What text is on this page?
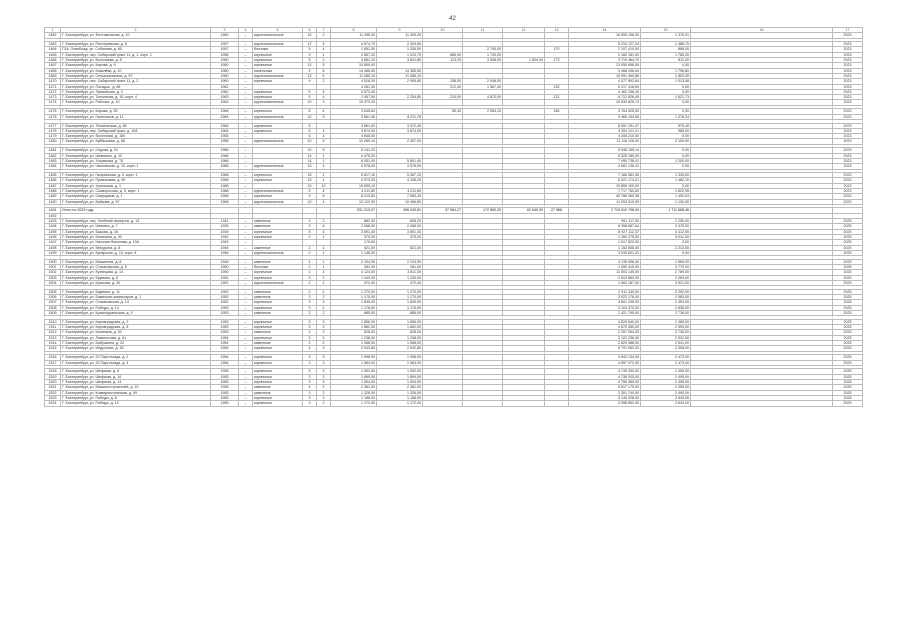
42
1	2	3	4	5	6	7	8	9	10	11	12	13	14	15	16	17
1462	Г. Екатеринбург, ул. Фестивальная, д. 10	1962	–	крупнопанельные	15	2	11 395,20	11 395,20					16 595 196,00	1 376,91		2023

1463	Г. Екатеринбург, ул. Пестеревская, д. 8	1957	–	крупнопанельные	12	4	4 874,70	2 404,60					5 210 127,24	1 486,75		2023
1464	Г.Ек. Освобожд. ул. Собинова, д. 60	1957	–	блочные	5	4	1 851,50	1 255,50		2 745,00		170	2 107 410,00	868,00		2023
1465	Г. Екатеринбург, пер. Сибирский тракт 11, д. 1, корп. 1	1958	–	кирпичные	9	1	2 857,20	1 510,70	685,00	1 740,00			2 182 181,00	1 765,20		2023
1466	Г. Екатеринбург, ул. Волочаева, д. 8	1960	–	кирпичные	5	2	4 681,10	3 841,80	113,20	3 098,00	1 824,00	173	3 719 464,70	811,00		2023
1467	Г. Екатеринбург, ул. Кирова, д. 9	1960	–	кирпичные	12	5	10 809,00						13 050 698,00	0,00		2023
1468	Г. Екатеринбург, ул. Ковалёва, д. 10	1960	–	панельные	9	6	14 385,50	14 385,50					3 468 196,64	1 796,80		2023
1469	Г. Екатеринбург, ул. Селькорковская, д. 57	1960	–	крупнопанельные	12	6	11 085,10	11 085,10					19 991 460,86	1 803,39		2023
1470	Г. Екатеринбург, пер. Сибирский тракт 11, д. 2	1960	–	кирпичные	9	2	4 516,30	2 955,80	158,00	2 048,00			4 077 892,64	1 013,08		2023
1471	Г. Екатеринбург, ул. Посадск., д. 68	1962	–				4 261,30		212,40	1 567,40		132	6 217 418,60	0,00		2023
1472	Г. Екатеринбург, ул. Латвийская, д. 3	1962	–	кирпичные	5	4	3 573,40						4 462 198,40	0,00		2023
1473	Г. Екатеринбург, ул. Тополиная, д. 15, корп. 4	1963	–	кирпичные	5	4	2 957,50	2 254,80	210,00	4 870,00		121	6 712 826,49	1 821,73		2023
1474	Г. Екатеринбург, ул. Рабочих, д. 10	1964	–	крупнопанельные	10	3	19 373,30						19 539 826,74	0,00		2023

1475	Г. Екатеринбург, ул. Кирова, д. 28	1964	–	кирпичные	5	4	3 645,64		55,40	2 554,10		164	3 764 525,00	0,00		2023
1476	Г. Екатеринбург, ул. Газетчиков, д. 11	1964	–	крупнопанельные	10	5	3 661,96	8 211,78					9 466 194,06	1 078,24		2023

1477	Г. Екатеринбург, ул. Техническая, д. 58	1964	–	кирпичные	5		3 661,00	3 072,40					8 051 191,37	975,40		2023
1478	Г. Екатеринбург, пер. Сибирский тракт, д. 10А	1964	–	кирпичные	5	4	3 674,00	3 674,00					4 354 121,21	985,00		2023
1479	Г. Екатеринбург, ул. Восточная, д. 160	1965	–		6	4	4 845,00						4 458 210,00	0,00		2023
1480	Г. Екатеринбург, ул. Куйбышева, д. 88	1965	–	крупнопанельные	10	5	10 269,10	2 457,00					11 116 128,00	2 100,00		2023

1481	Г. Екатеринбург, ул. Седова, д. 51	1966	–		10	5	5 141,20						5 948 159,14	0,00		2023
1482	Г. Екатеринбург, ул. Шевченко, д. 12	1966	–		14	1	4 475,20						5 525 180,29	0,00		2023
1483	Г. Екатеринбург, ул. Хохрякова, д. 74	1966	–		14	1	6 051,00	5 891,40					7 495 738,41	1 200,00		2023
1484	Г. Екатеринбург, ул. Чкаловская, д. 10, корп. 1	1968	–	крупнопанельные	10	2	4 578,00	4 578,00					4 681 136,41	0,00		2023

1485	Г. Екатеринбург, ул. Гагаринская, д. 5, корп. 1	1968	–	кирпичные	15	1	5 817,10	5 367,10					7 166 561,06	1 335,00		2023
1486	Г. Екатеринбург, ул. Приисковая, д. 50	1968	–	кирпичные	15	1	4 573,00	4 158,20					6 021 174,21	1 482,10		2023
1487	Г. Екатеринбург, ул. Уральская, д. 1	1968	–		10	10	19 855,10						19 855 100,00	0,00		2023
1488	Г. Екатеринбург, ул. Скоморохова, д. 5, корп. 1	1968	–	крупнопанельные	9	4	4 211,80	4 211,80					7 717 760,83	1 822,95		2023
1489	Г. Екатеринбург, ул. Сварщиков, д. 1	1968	–	кирпичные	9	6	8 010,80	7 665,40					40 788 969,38	1 400,04		2023
1490	Г. Екатеринбург, ул. Войкова, д. 57	1968	–	крупнопанельные	10	4	10 122,90	10 066,80					11 053 510,00	1 100,00		2023

1491	Итого по 2023 году						531 210,07	396 443,81	37 564,27	172 560,20	62 640,00	27 568	2 710 610 798,49	1 711 688,46		
1492																
1493	Г. Екатеринбург, пер. Хлебный переулок, д. 13	1911	–	каменные	3	2	682,00	608,20					951 117,00	2 250,00		2025
1494	Г. Екатеринбург, ул. Шпагата, д. 7	1935	–	каменные	3	6	2 068,00	2 068,00					6 398 667,64	3 376,00		2025
1495	Г. Екатеринбург, ул. Быкова, д. 16	1939	–	кирпичные	5	4	3 891,40	3 891,40					8 927 112,37	3 412,00		2025
1496	Г. Екатеринбург, ул. Калинина, д. 40	1942	–	кирпичные	2	1	370,00	370,00					1 260 275,00	5 011,00		2025
1497	Г. Екатеринбург, ул. Николая Никонова, д. 10А	1943	–				170,60						1 017 820,00	0,00		2025
1498	Г. Екатеринбург, ул. Мичурина, д. 8	1945	–	каменные	2	1	521,00	521,00					1 152 845,00	2 213,00		2025
1499	Г. Екатеринбург, ул. Кунарская, д. 10, корп. 8	1946	–	крупнопанельные	2	1	1 146,00						3 039 821,31	0,00		2025

1500	Г. Екатеринбург, ул. Машинная, д. 8	1948	–	каменные	4	1	2 104,90	2 104,90					4 135 996,00	1 965,00		2025
1501	Г. Екатеринбург, ул. Стахановская, д. 5	1950	–	блочные	2	1	281,00	281,00					1 059 415,00	3 770,00		2025
1502	Г. Екатеринбург, ул. Кузнецова, д. 14	1950	–	кирпичные	2	4	4 124,00	3 811,30					11 503 145,00	2 789,00		2025
1503	Г. Екатеринбург, ул. Баумана, д. 6	1951	–	кирпичные	3	2	1 240,00	1 240,00					2 813 860,00	2 269,00		2025
1504	Г. Екатеринбург, ул. Крылова, д. 30	1951	–	крупнопанельные	2	1	472,40	472,40					1 663 187,00	3 521,00		2025

1505	Г. Екатеринбург, ул. Баумана, д. 11	1952	–	каменные	2	2	1 270,00	1 270,00					2 911 340,00	2 292,00		2025
1506	Г. Екатеринбург, ул. Бакинских комиссаров, д. 1	1952	–	каменные	3	2	1 170,00	1 170,00					3 022 176,00	2 583,00		2025
1507	Г. Екатеринбург, ул. Стахановская, д. 14	1952	–	кирпичные	3	3	1 845,00	1 845,00					4 601 295,00	2 494,00		2025
1508	Г. Екатеринбург, ул. Победы, д. 14	1953	–	кирпичные	3	2	1 176,60	1 176,60					3 104 373,00	2 638,00		2025
1509	Г. Екатеринбург, ул. Красноуральская, д. 9	1953	–	каменные	2	2	885,00	885,00					2 421 795,00	2 736,00		2025

1510	Г. Екатеринбург, ул. Кировградская, д. 2	1953	–	кирпичные	3	3	1 856,00	1 856,00					4 620 640,00	2 489,00		2025
1511	Г. Екатеринбург, ул. Кировградская, д. 8	1953	–	кирпичные	3	3	1 862,00	1 862,00					4 672 450,00	2 509,00		2025
1512	Г. Екатеринбург, ул. Калинина, д. 52	1953	–	каменные	2	2	828,00	828,00					2 267 064,00	2 738,00		2025
1513	Г. Екатеринбург, ул. Ломоносова, д. 61	1954	–	кирпичные	3	2	1 238,00	1 238,00					3 122 236,00	2 522,00		2025
1514	Г. Екатеринбург, ул. Бабушкина, д. 22	1954	–	каменные	2	2	1 068,00	1 068,00					2 820 588,00	2 641,00		2025
1515	Г. Екатеринбург, ул. Индустрии, д. 35	1954	–	кирпичные	4	3	2 942,80	2 942,80					6 791 982,00	2 308,00		2025

1516	Г. Екатеринбург, ул. 22 Партсъезда, д. 2	1954	–	кирпичные	3	3	1 958,00	1 958,00					4 842 134,00	2 473,00		2025
1517	Г. Екатеринбург, ул. 22 Партсъезда, д. 4	1954	–	кирпичные	3	3	1 964,00	1 964,00					4 857 072,00	2 473,00		2025

1518	Г. Екатеринбург, ул. Шефская, д. 6	1955	–	кирпичные	3	3	1 902,00	1 902,00					4 745 490,00	2 495,00		2025
1519	Г. Екатеринбург, ул. Шефская, д. 10	1955	–	кирпичные	3	3	1 899,00	1 899,00					4 738 005,00	2 495,00		2025
1520	Г. Екатеринбург, ул. Шефская, д. 14	1955	–	кирпичные	3	3	1 904,00	1 904,00					4 750 480,00	2 495,00		2025
1521	Г. Екатеринбург, ул. Машиностроителей, д. 22	1955	–	каменные	4	2	2 381,00	2 381,00					5 617 179,00	2 359,00		2025
1522	Г. Екатеринбург, ул. Коммунистическая, д. 59	1955	–	каменные	3	2	1 326,00	1 326,00					3 301 740,00	2 490,00		2025
1523	Г. Екатеринбург, ул. Победы, д. 8	1955	–	кирпичные	3	2	1 188,00	1 188,00					3 140 328,00	2 643,00		2025
1524	Г. Екатеринбург, ул. Победы, д. 12	1955	–	кирпичные	3	2	1 172,00	1 172,00					3 098 852,00	2 644,00		2025
